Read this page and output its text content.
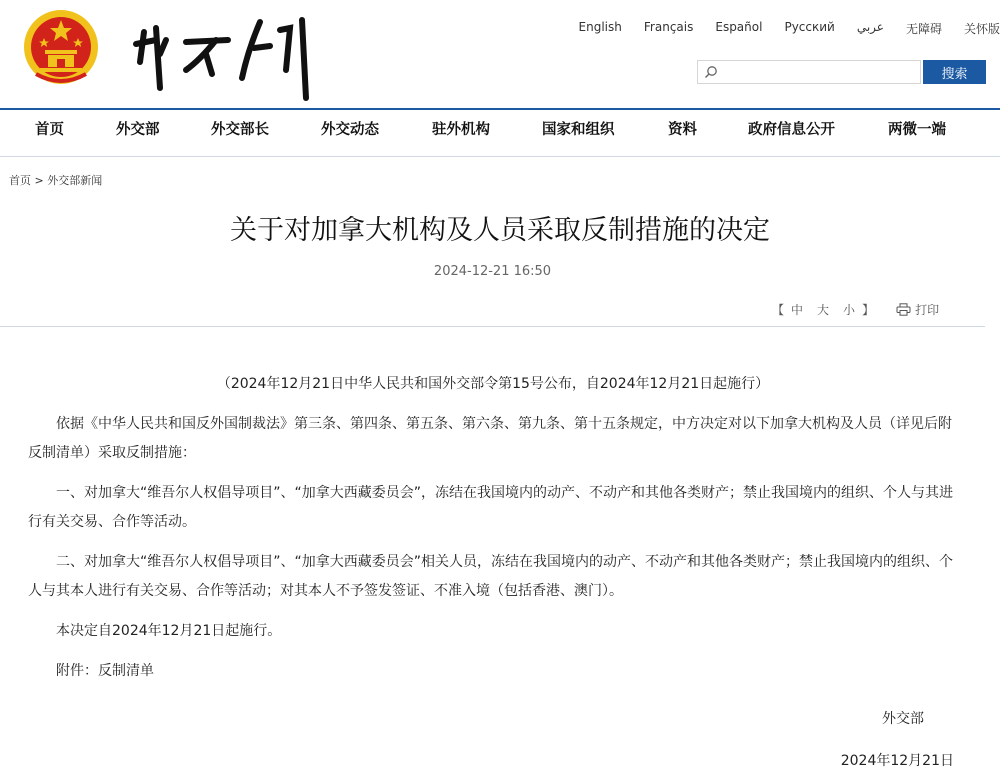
外交部
English Français Español Русский عربي 无障碍 关怀版
搜索
首页	外交部	外交部长	外交动态	驻外机构	国家和组织	资料	政府信息公开	两微一端
首页 > 外交部新闻
关于对加拿大机构及人员采取反制措施的决定
2024-12-21 16:50
【 中 大 小 】	打印

（2024年12月21日中华人民共和国外交部令第15号公布，自2024年12月21日起施行）

依据《中华人民共和国反外国制裁法》第三条、第四条、第五条、第六条、第九条、第十五条规定，中方决定对以下加拿大机构及人员（详见后附反制清单）采取反制措施：

一、对加拿大“维吾尔人权倡导项目”、“加拿大西藏委员会”，冻结在我国境内的动产、不动产和其他各类财产；禁止我国境内的组织、个人与其进行有关交易、合作等活动。

二、对加拿大“维吾尔人权倡导项目”、“加拿大西藏委员会”相关人员，冻结在我国境内的动产、不动产和其他各类财产；禁止我国境内的组织、个人与其本人进行有关交易、合作等活动；对其本人不予签发签证、不准入境（包括香港、澳门）。

本决定自2024年12月21日起施行。

附件：反制清单

外交部
2024年12月21日
